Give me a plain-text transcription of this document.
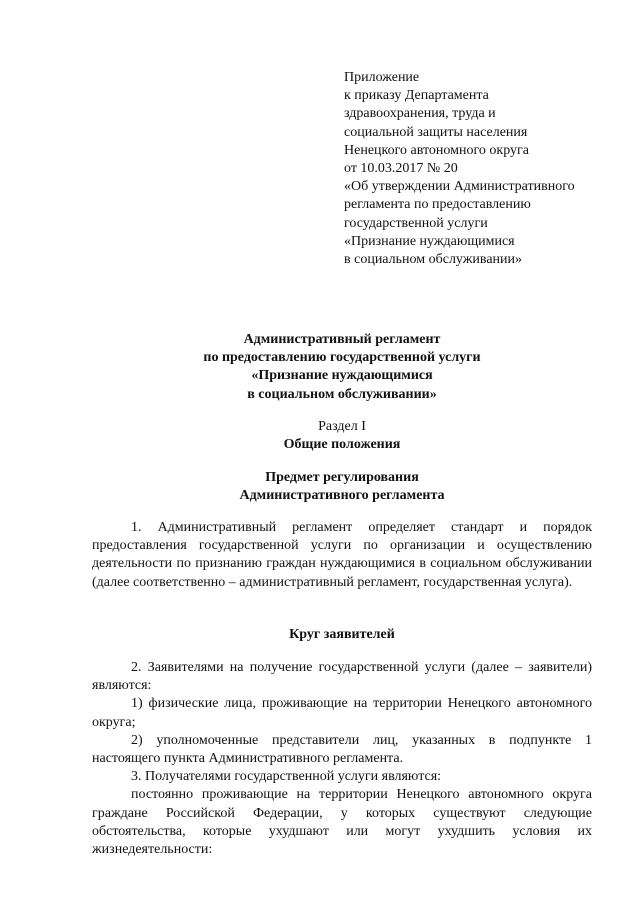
Приложение
к приказу Департамента
здравоохранения, труда и
социальной защиты населения
Ненецкого автономного округа
от 10.03.2017 № 20
«Об утверждении Административного
регламента по предоставлению
государственной услуги
«Признание нуждающимися
в социальном обслуживании»
Административный регламент
по предоставлению государственной услуги
«Признание нуждающимися
в социальном обслуживании»
Раздел I
Общие положения
Предмет регулирования
Административного регламента

1. Административный регламент определяет стандарт и порядок предоставления государственной услуги по организации и осуществлению деятельности по признанию граждан нуждающимися в социальном обслуживании (далее соответственно – административный регламент, государственная услуга).

Круг заявителей

2. Заявителями на получение государственной услуги (далее – заявители) являются:

1) физические лица, проживающие на территории Ненецкого автономного округа;

2) уполномоченные представители лиц, указанных в подпункте 1 настоящего пункта Административного регламента.

3. Получателями государственной услуги являются:

постоянно проживающие на территории Ненецкого автономного округа граждане Российской Федерации, у которых существуют следующие обстоятельства, которые ухудшают или могут ухудшить условия их жизнедеятельности:
